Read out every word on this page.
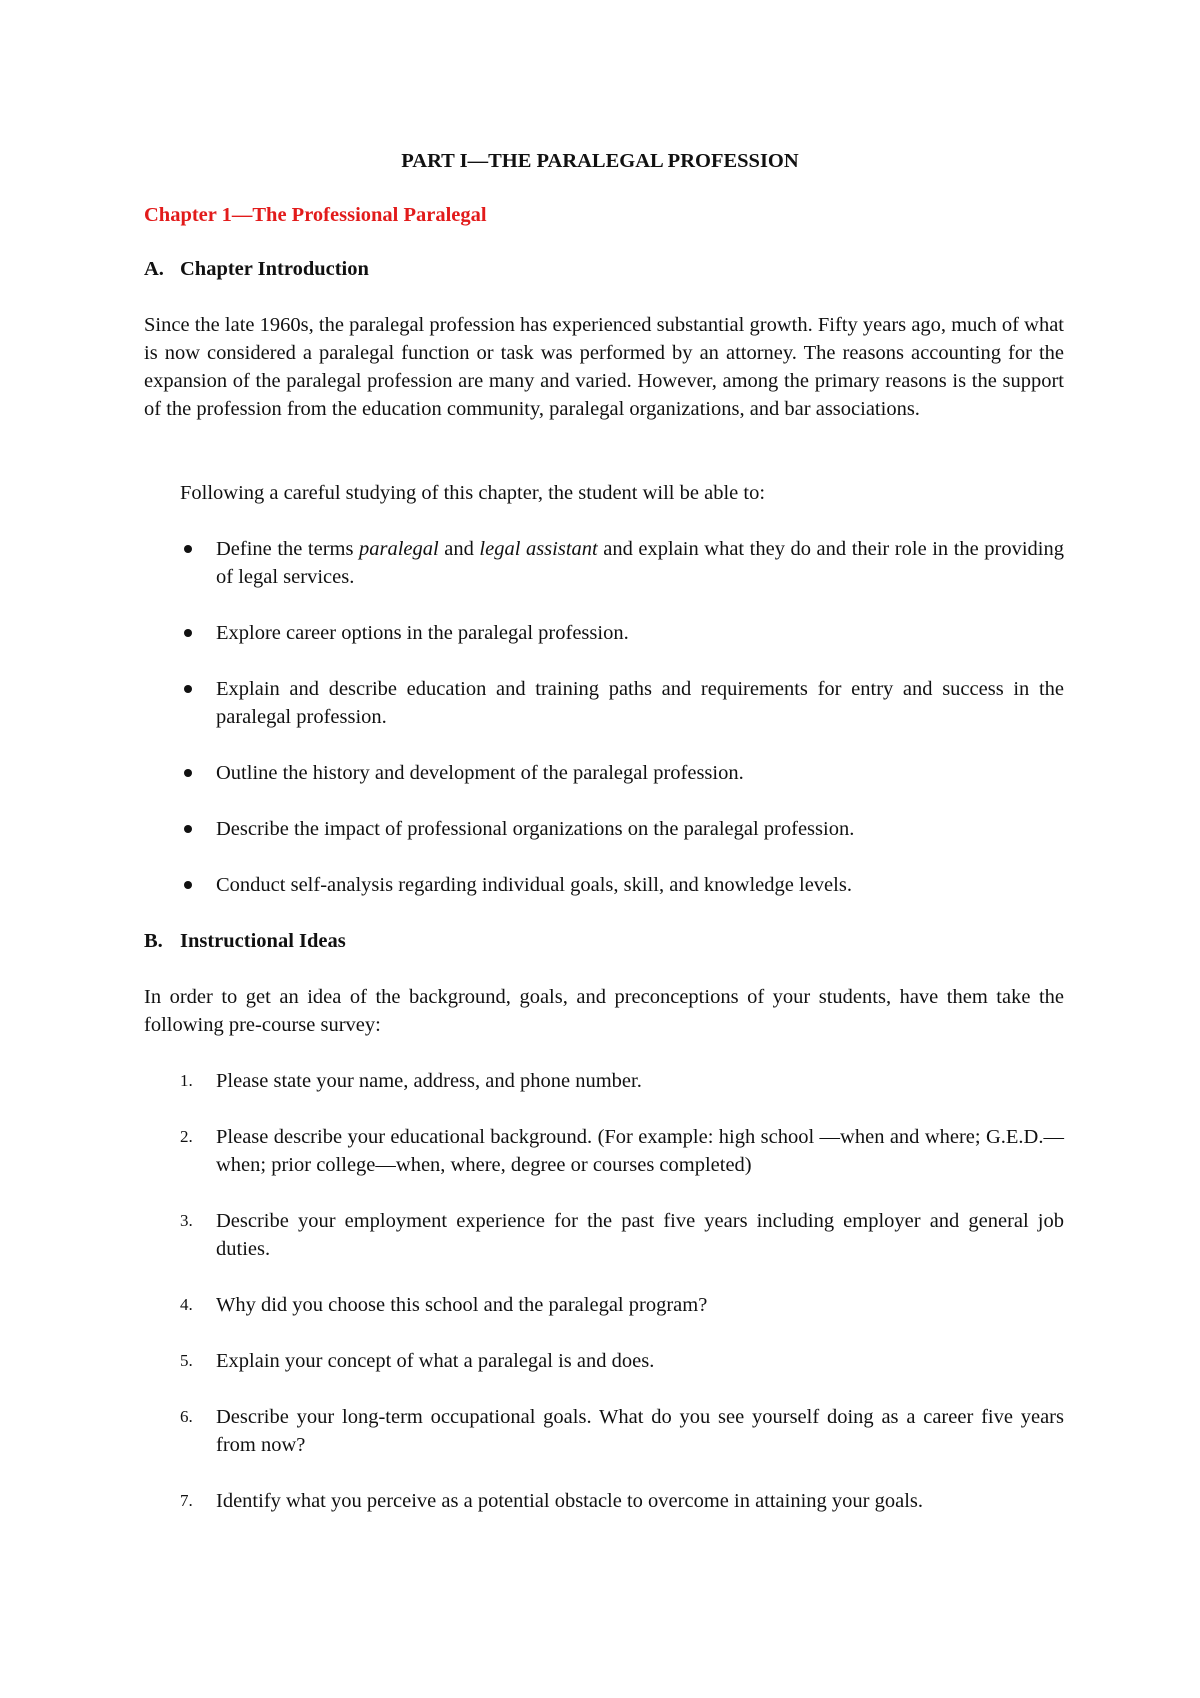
PART I—THE PARALEGAL PROFESSION
Chapter 1—The Professional Paralegal
A. Chapter Introduction

Since the late 1960s, the paralegal profession has experienced substantial growth. Fifty years ago, much of what is now considered a paralegal function or task was performed by an attorney. The reasons accounting for the expansion of the paralegal profession are many and varied. However, among the primary reasons is the support of the profession from the education community, paralegal organizations, and bar associations.

Following a careful studying of this chapter, the student will be able to:

Define the terms paralegal and legal assistant and explain what they do and their role in the providing of legal services.
Explore career options in the paralegal profession.
Explain and describe education and training paths and requirements for entry and success in the paralegal profession.
Outline the history and development of the paralegal profession.
Describe the impact of professional organizations on the paralegal profession.
Conduct self-analysis regarding individual goals, skill, and knowledge levels.
B. Instructional Ideas

In order to get an idea of the background, goals, and preconceptions of your students, have them take the following pre-course survey:

1. Please state your name, address, and phone number.
2. Please describe your educational background. (For example: high school —when and where; G.E.D.—when; prior college—when, where, degree or courses completed)
3. Describe your employment experience for the past five years including employer and general job duties.
4. Why did you choose this school and the paralegal program?
5. Explain your concept of what a paralegal is and does.
6. Describe your long-term occupational goals. What do you see yourself doing as a career five years from now?
7. Identify what you perceive as a potential obstacle to overcome in attaining your goals.
